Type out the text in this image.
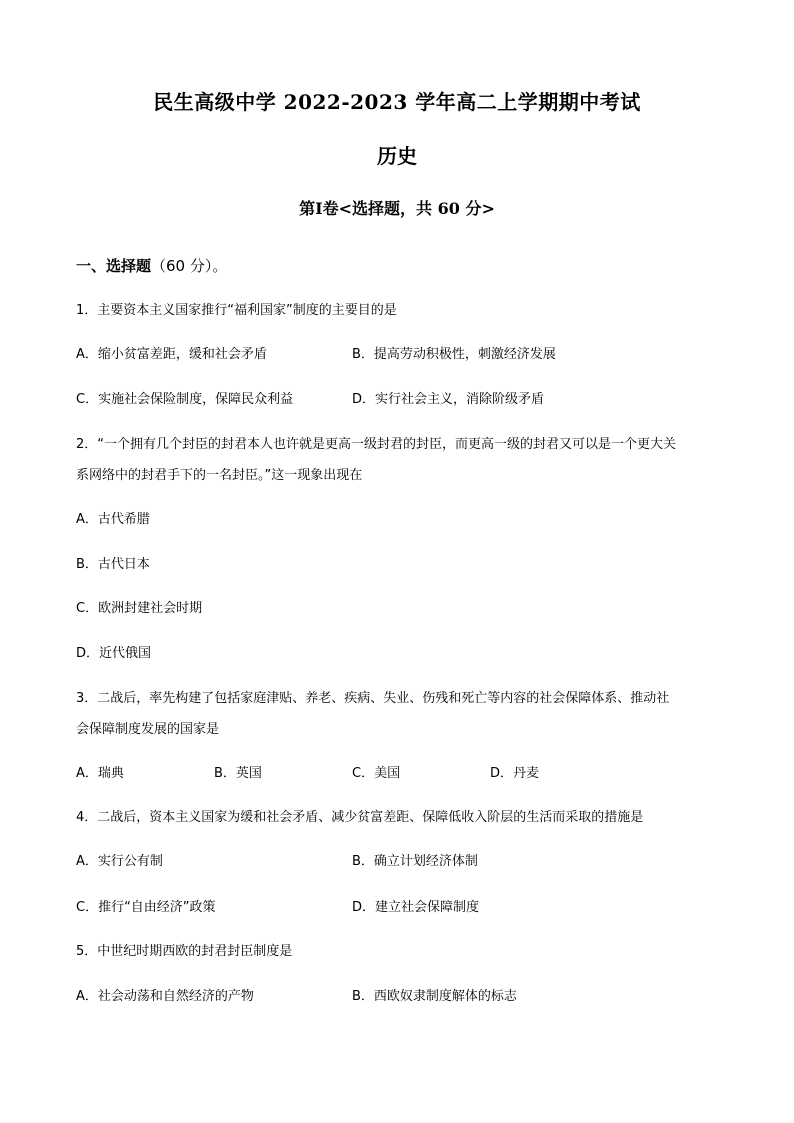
民生高级中学 2022-2023 学年高二上学期期中考试
历史
第Ⅰ卷<选择题，共 60 分>
一、选择题（60 分）。
1．主要资本主义国家推行“福利国家”制度的主要目的是
A．缩小贫富差距，缓和社会矛盾	B．提高劳动积极性，刺激经济发展
C．实施社会保险制度，保障民众利益	D．实行社会主义，消除阶级矛盾
2．“一个拥有几个封臣的封君本人也许就是更高一级封君的封臣，而更高一级的封君又可以是一个更大关
系网络中的封君手下的一名封臣。”这一现象出现在
A．古代希腊
B．古代日本
C．欧洲封建社会时期
D．近代俄国
3．二战后，率先构建了包括家庭津贴、养老、疾病、失业、伤残和死亡等内容的社会保障体系、推动社
会保障制度发展的国家是
A．瑞典	B．英国	C．美国	D．丹麦
4．二战后，资本主义国家为缓和社会矛盾、减少贫富差距、保障低收入阶层的生活而采取的措施是
A．实行公有制	B．确立计划经济体制
C．推行“自由经济”政策	D．建立社会保障制度
5．中世纪时期西欧的封君封臣制度是
A．社会动荡和自然经济的产物	B．西欧奴隶制度解体的标志
